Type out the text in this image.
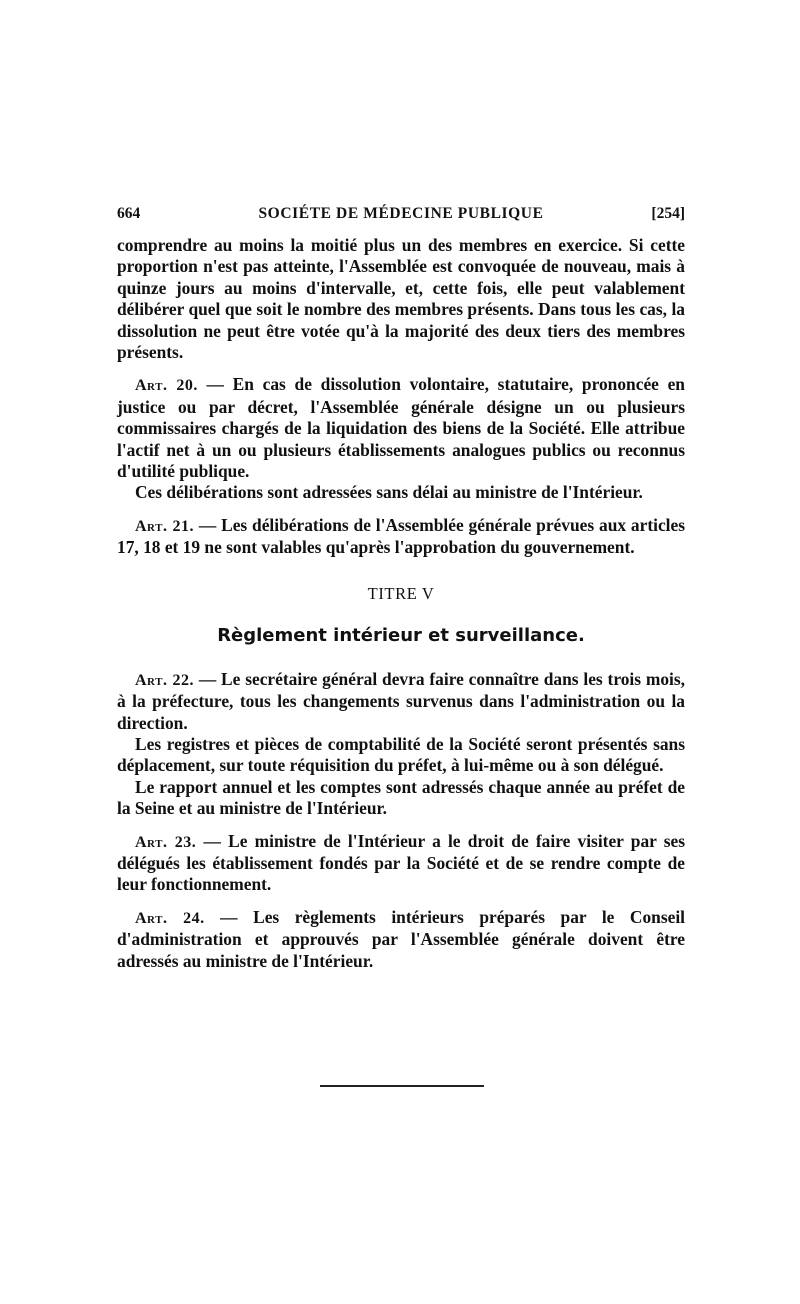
664	SOCIÉTE DE MÉDECINE PUBLIQUE	[254]

comprendre au moins la moitié plus un des membres en exercice. Si cette proportion n'est pas atteinte, l'Assemblée est convoquée de nouveau, mais à quinze jours au moins d'intervalle, et, cette fois, elle peut valablement délibérer quel que soit le nombre des membres présents. Dans tous les cas, la dissolution ne peut être votée qu'à la majorité des deux tiers des membres présents.

Art. 20. — En cas de dissolution volontaire, statutaire, prononcée en justice ou par décret, l'Assemblée générale désigne un ou plusieurs commissaires chargés de la liquidation des biens de la Société. Elle attribue l'actif net à un ou plusieurs établissements analogues publics ou reconnus d'utilité publique.

Ces délibérations sont adressées sans délai au ministre de l'Intérieur.

Art. 21. — Les délibérations de l'Assemblée générale prévues aux articles 17, 18 et 19 ne sont valables qu'après l'approbation du gouvernement.

TITRE V
Règlement intérieur et surveillance.

Art. 22. — Le secrétaire général devra faire connaître dans les trois mois, à la préfecture, tous les changements survenus dans l'administration ou la direction.

Les registres et pièces de comptabilité de la Société seront présentés sans déplacement, sur toute réquisition du préfet, à lui-même ou à son délégué.

Le rapport annuel et les comptes sont adressés chaque année au préfet de la Seine et au ministre de l'Intérieur.

Art. 23. — Le ministre de l'Intérieur a le droit de faire visiter par ses délégués les établissement fondés par la Société et de se rendre compte de leur fonctionnement.

Art. 24. — Les règlements intérieurs préparés par le Conseil d'administration et approuvés par l'Assemblée générale doivent être adressés au ministre de l'Intérieur.
